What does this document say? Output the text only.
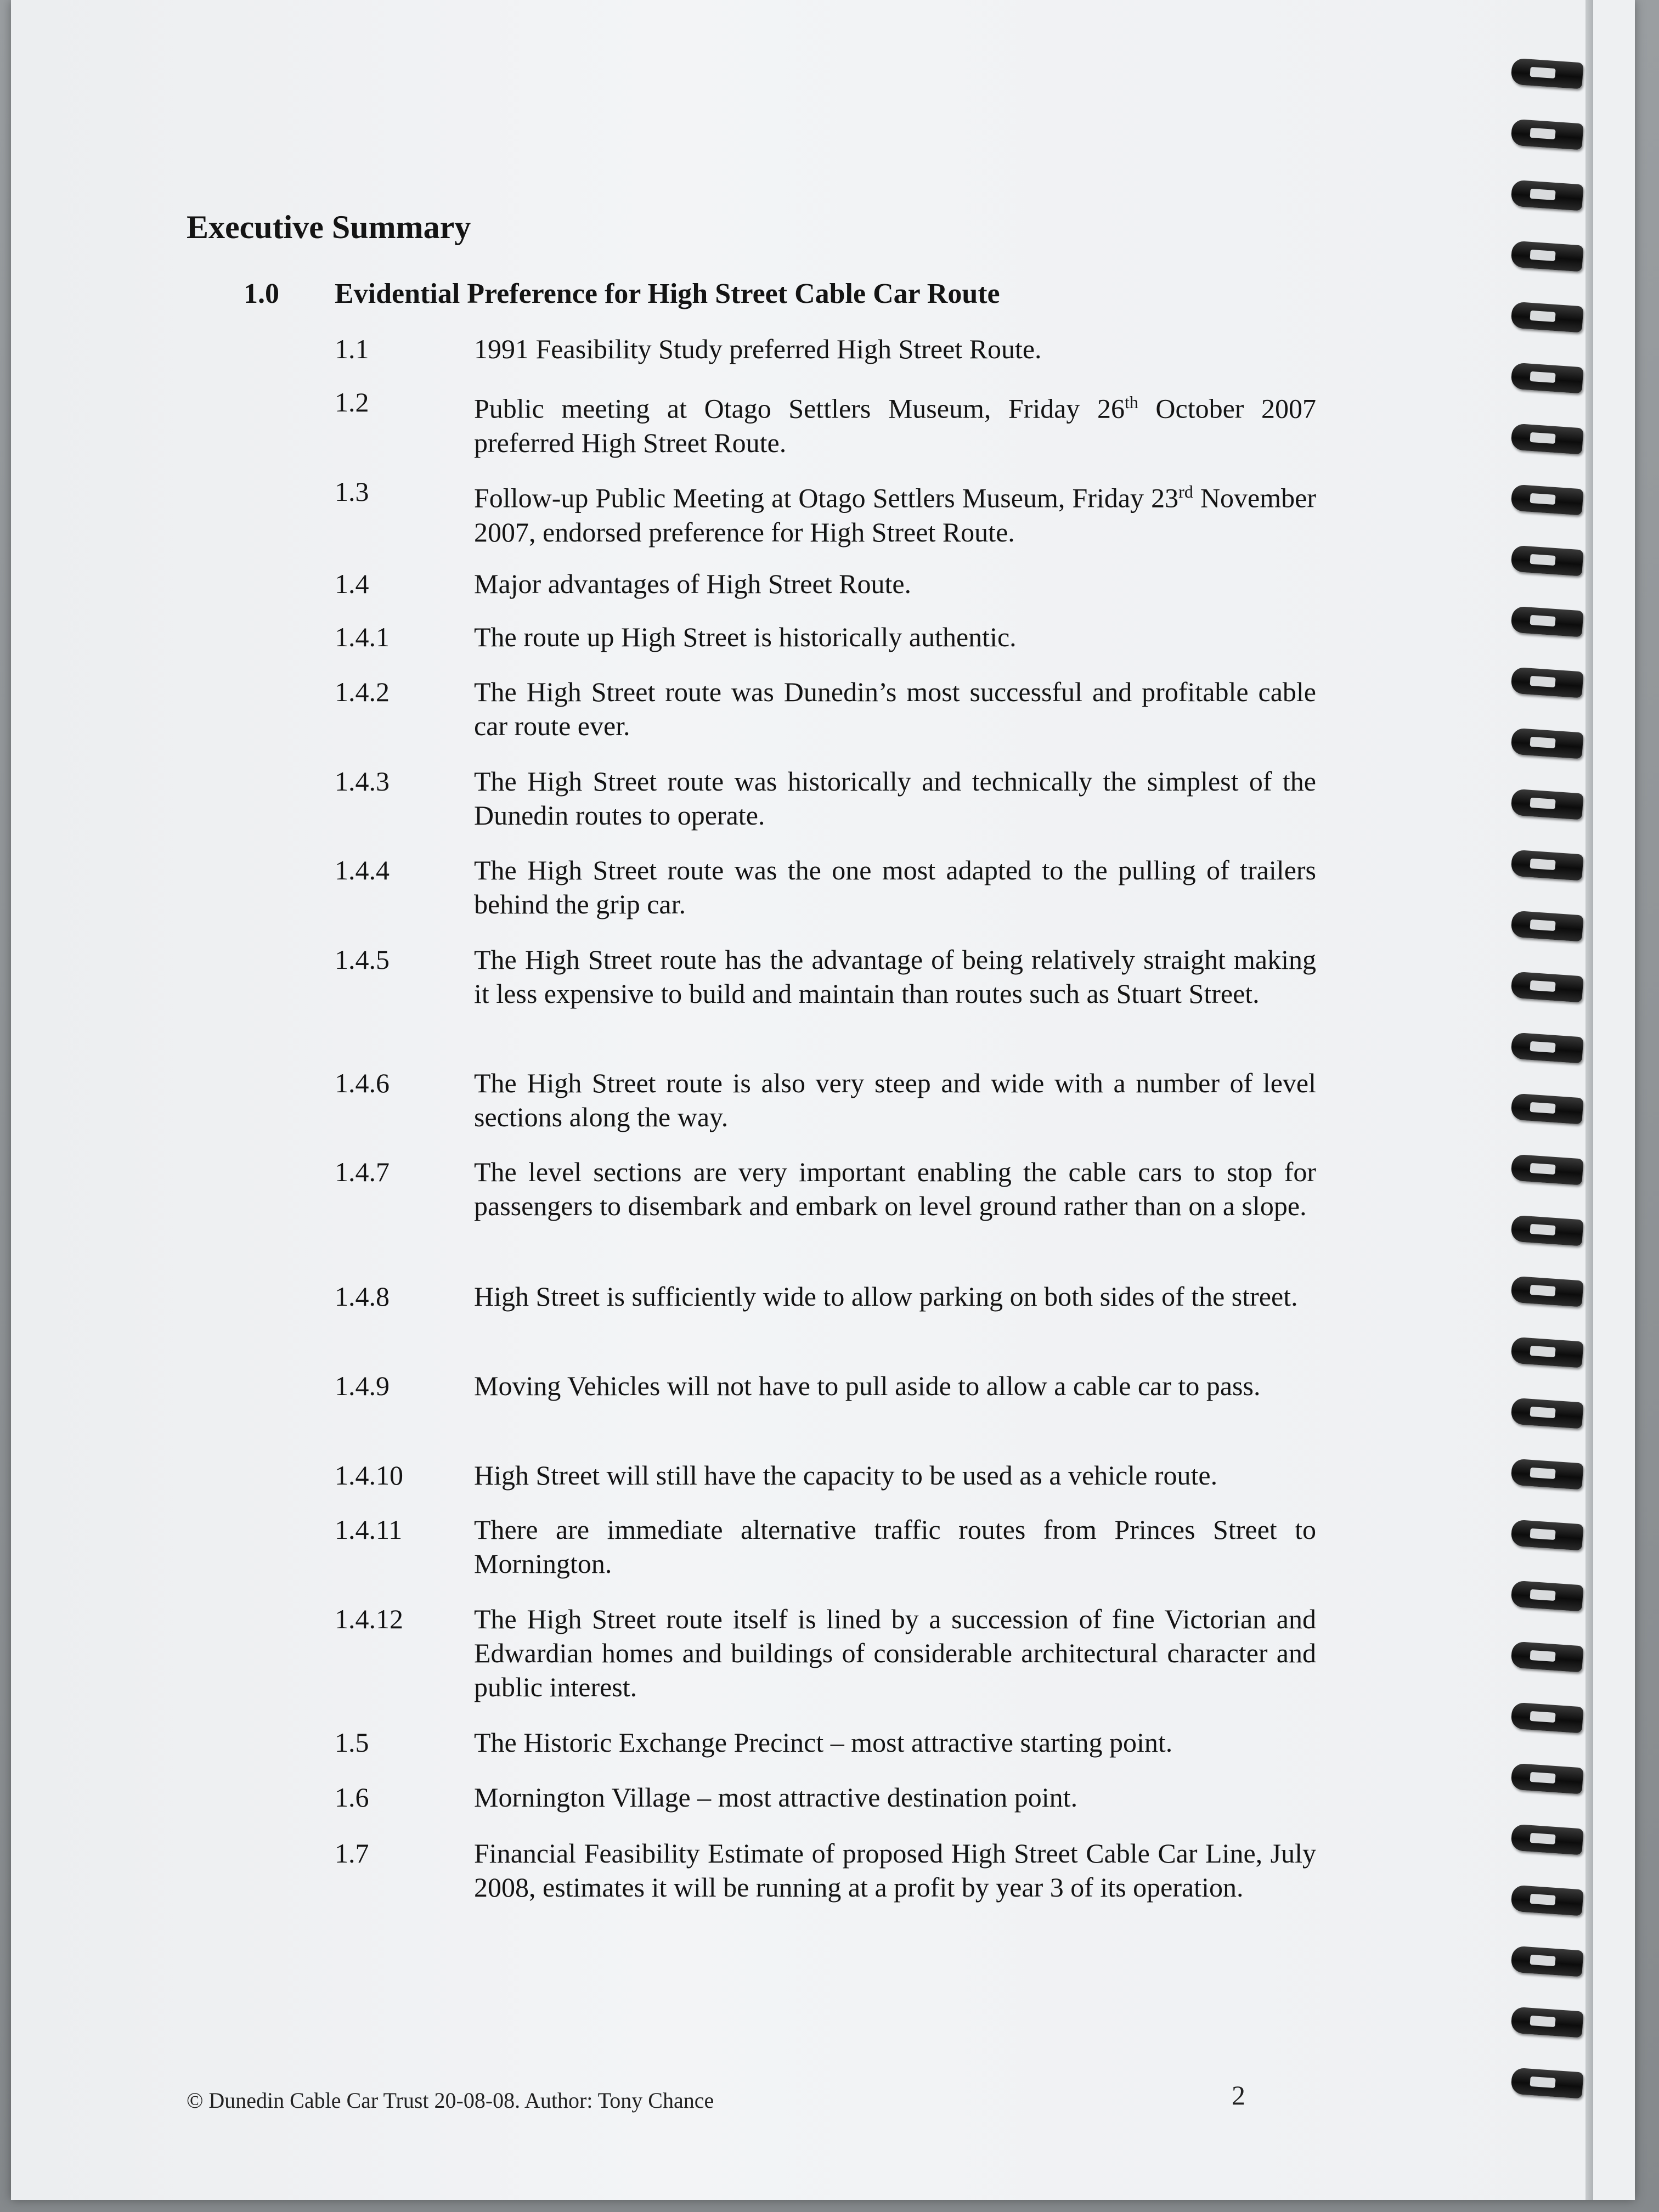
Executive Summary
1.0 Evidential Preference for High Street Cable Car Route
1.1	1991 Feasibility Study preferred High Street Route.
1.2	Public meeting at Otago Settlers Museum, Friday 26th October 2007 preferred High Street Route.
1.3	Follow-up Public Meeting at Otago Settlers Museum, Friday 23rd November 2007, endorsed preference for High Street Route.
1.4	Major advantages of High Street Route.
1.4.1	The route up High Street is historically authentic.
1.4.2	The High Street route was Dunedin’s most successful and profitable cable car route ever.
1.4.3	The High Street route was historically and technically the simplest of the Dunedin routes to operate.
1.4.4	The High Street route was the one most adapted to the pulling of trailers behind the grip car.
1.4.5	The High Street route has the advantage of being relatively straight making it less expensive to build and maintain than routes such as Stuart Street.
1.4.6	The High Street route is also very steep and wide with a number of level sections along the way.
1.4.7	The level sections are very important enabling the cable cars to stop for passengers to disembark and embark on level ground rather than on a slope.
1.4.8	High Street is sufficiently wide to allow parking on both sides of the street.
1.4.9	Moving Vehicles will not have to pull aside to allow a cable car to pass.
1.4.10	High Street will still have the capacity to be used as a vehicle route.
1.4.11	There are immediate alternative traffic routes from Princes Street to Mornington.
1.4.12	The High Street route itself is lined by a succession of fine Victorian and Edwardian homes and buildings of considerable architectural character and public interest.
1.5	The Historic Exchange Precinct – most attractive starting point.
1.6	Mornington Village – most attractive destination point.
1.7	Financial Feasibility Estimate of proposed High Street Cable Car Line, July 2008, estimates it will be running at a profit by year 3 of its operation.
© Dunedin Cable Car Trust 20-08-08. Author: Tony Chance	2
